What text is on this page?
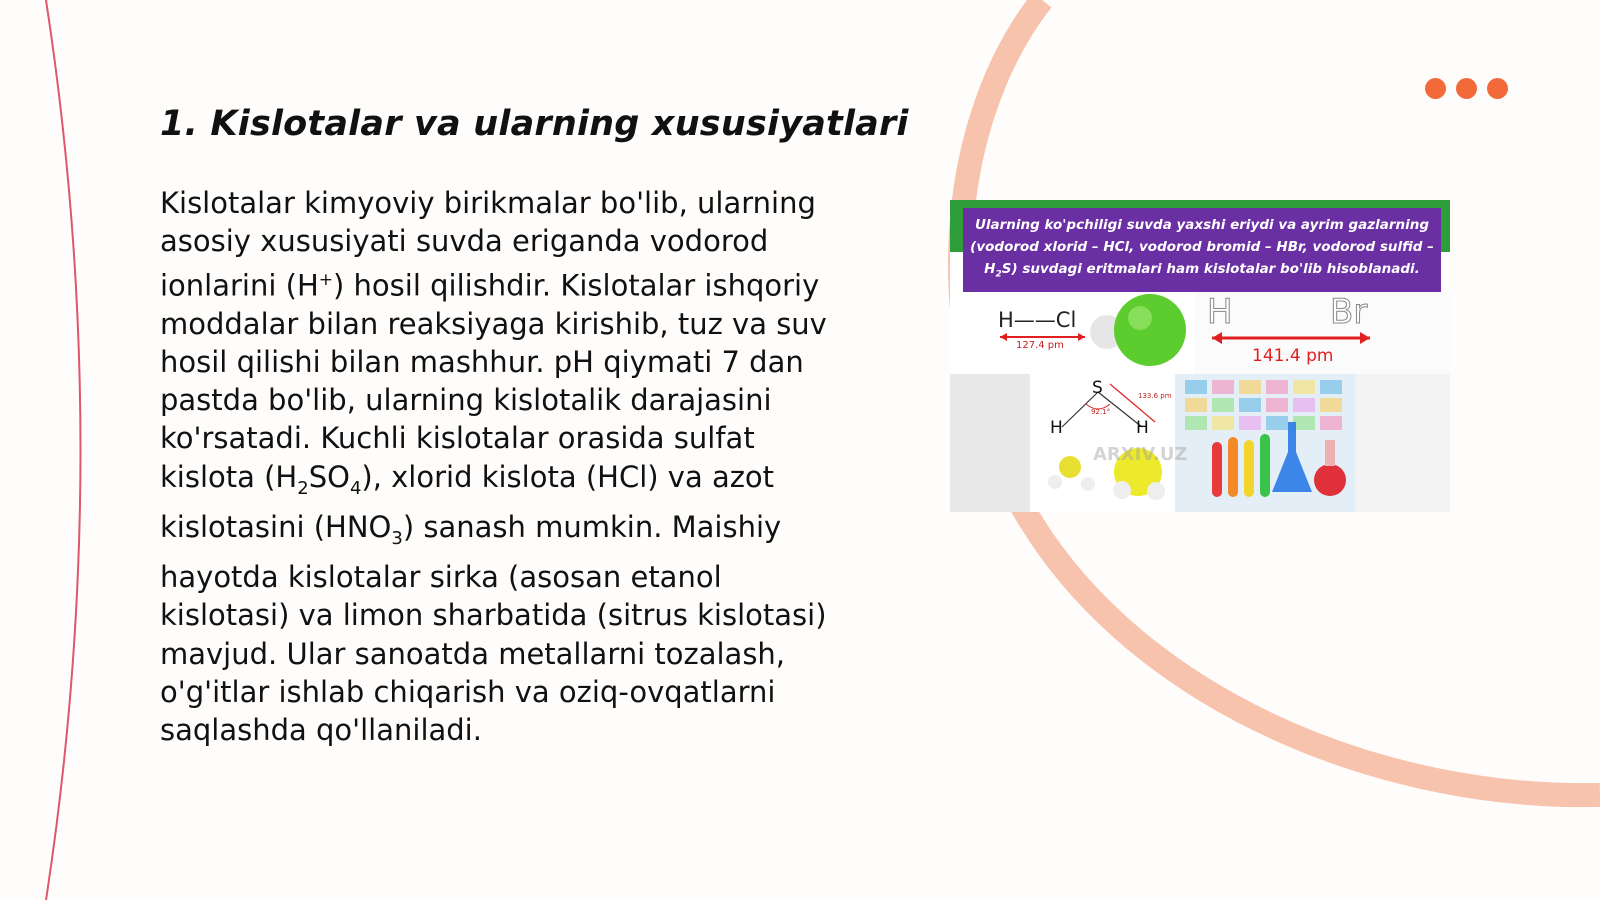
1. Kislotalar va ularning xususiyatlari

Kislotalar kimyoviy birikmalar bo'lib, ularning asosiy xususiyati suvda eriganda vodorod ionlarini (H+) hosil qilishdir. Kislotalar ishqoriy moddalar bilan reaksiyaga kirishib, tuz va suv hosil qilishi bilan mashhur. pH qiymati 7 dan pastda bo'lib, ularning kislotalik darajasini ko'rsatadi. Kuchli kislotalar orasida sulfat kislota $(H_2SO_4)$, xlorid kislota (HCl) va azot kislotasini $(HNO_3)$ sanash mumkin. Maishiy hayotda kislotalar sirka (asosan etanol kislotasi) va limon sharbatida (sitrus kislotasi) mavjud. Ular sanoatda metallarni tozalash, o'g'itlar ishlab chiqarish va oziq-ovqatlarni saqlashda qo'llaniladi.

Ularning ko'pchiligi suvda yaxshi eriydi va ayrim gazlarning (vodorod xlorid – HCl, vodorod bromid – HBr, vodorod sulfid – $H_2S$) suvdagi eritmalari ham kislotalar bo'lib hisoblanadi.
H——Cl
127.4 pm
H	Br
141.4 pm
S
H	H
92.1°
133.6 pm
ARXIV.UZ
